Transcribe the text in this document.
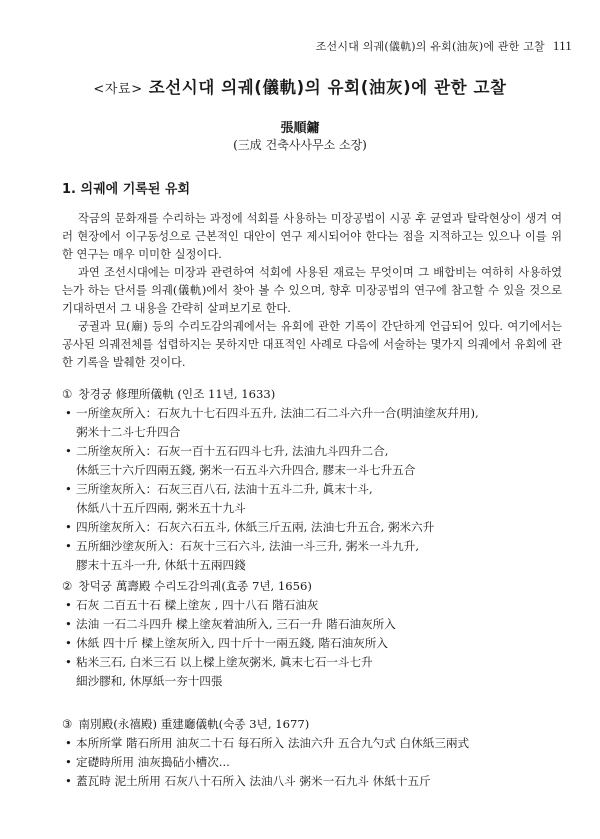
조선시대 의궤(儀軌)의 유회(油灰)에 관한 고찰 111
<자료> 조선시대 의궤(儀軌)의 유회(油灰)에 관한 고찰
張順鏞
(三成 건축사사무소 소장)
1. 의궤에 기록된 유회

작금의 문화재를 수리하는 과정에 석회를 사용하는 미장공법이 시공 후 균열과 탈락현상이 생겨 여러 현장에서 이구동성으로 근본적인 대안이 연구 제시되어야 한다는 점을 지적하고는 있으나 이를 위한 연구는 매우 미미한 실정이다.

과연 조선시대에는 미장과 관련하여 석회에 사용된 재료는 무엇이며 그 배합비는 여하히 사용하였는가 하는 단서를 의궤(儀軌)에서 찾아 볼 수 있으며, 향후 미장공법의 연구에 참고할 수 있을 것으로 기대하면서 그 내용을 간략히 살펴보기로 한다.

궁궐과 묘(廟) 등의 수리도감의궤에서는 유회에 관한 기록이 간단하게 언급되어 있다. 여기에서는 공사된 의궤전체를 섭렵하지는 못하지만 대표적인 사례로 다음에 서술하는 몇가지 의궤에서 유회에 관한 기록을 발췌한 것이다.

① 창경궁 修理所儀軌 (인조 11년, 1633)
• 一所塗灰所入：石灰九十七石四斗五升, 法油二石二斗六升一合(明油塗灰幷用),
粥米十二斗七升四合
• 二所塗灰所入：石灰一百十五石四斗七升, 法油九斗四升二合,
休紙三十六斤四兩五錢, 粥米一石五斗六升四合, 膠末一斗七升五合
• 三所塗灰所入：石灰三百八石, 法油十五斗二升, 眞末十斗,
休紙八十五斤四兩, 粥米五十九斗
• 四所塗灰所入：石灰六石五斗, 休紙三斤五兩, 法油七升五合, 粥米六升
• 五所細沙塗灰所入：石灰十三石六斗, 法油一斗三升, 粥米一斗九升,
膠末十五斗一升, 休紙十五兩四錢
② 창덕궁 萬壽殿 수리도감의궤(효종 7년, 1656)
• 石灰 二百五十石 樑上塗灰 , 四十八石 階石油灰
• 法油 一石二斗四升 樑上塗灰着油所入, 三石一升 階石油灰所入
• 休紙 四十斤 樑上塗灰所入, 四十斤十一兩五錢, 階石油灰所入
• 粘米三石, 白米三石 以上樑上塗灰粥米, 眞末七石一斗七升
細沙膠和, 休厚紙一夯十四張
③ 南別殿(永禧殿) 重建廳儀軌(숙종 3년, 1677)
• 本所所掌 階石所用 油灰二十石 每石所入 法油六升 五合九勺式 白休紙三兩式
• 定礎時所用 油灰搗砧小槽次...
• 蓋瓦時 泥土所用 石灰八十石所入 法油八斗 粥米一石九斗 休紙十五斤
